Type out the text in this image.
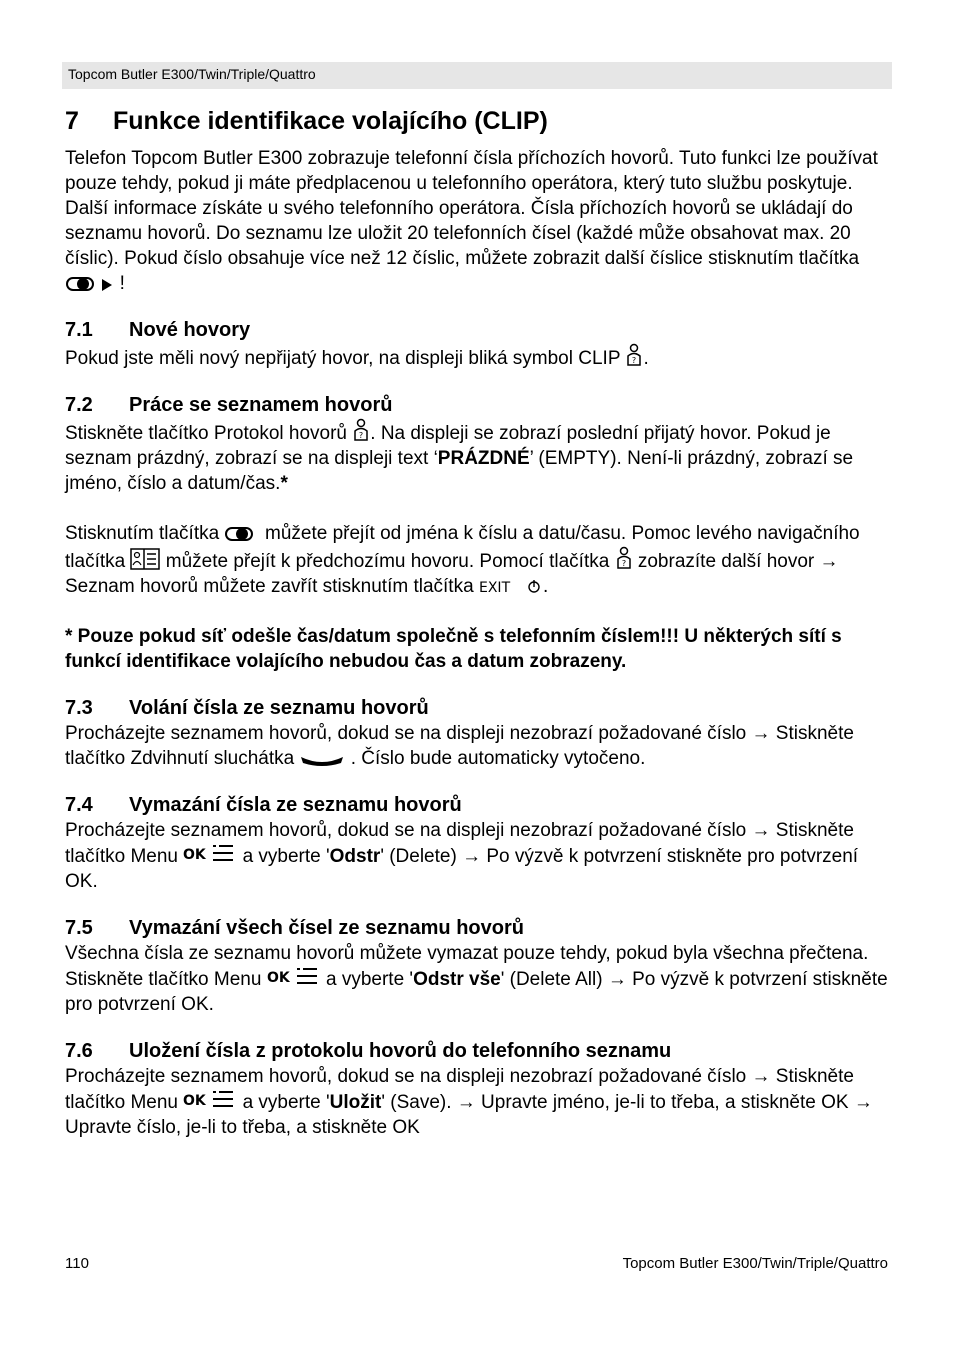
Topcom Butler E300/Twin/Triple/Quattro
7 Funkce identifikace volajícího (CLIP)

Telefon Topcom Butler E300 zobrazuje telefonní čísla příchozích hovorů. Tuto funkci lze používat pouze tehdy, pokud ji máte předplacenou u telefonního operátora, který tuto službu poskytuje. Další informace získáte u svého telefonního operátora. Čísla příchozích hovorů se ukládají do seznamu hovorů. Do seznamu lze uložit 20 telefonních čísel (každé může obsahovat max. 20 číslic). Pokud číslo obsahuje více než 12 číslic, můžete zobrazit další číslice stisknutím tlačítka   !

7.1 Nové hovory

Pokud jste měli nový nepřijatý hovor, na displeji bliká symbol CLIP ? .

7.2 Práce se seznamem hovorů

Stiskněte tlačítko Protokol hovorů ? . Na displeji se zobrazí poslední přijatý hovor. Pokud je seznam prázdný, zobrazí se na displeji text ‘PRÁZDNÉ’ (EMPTY). Není-li prázdný, zobrazí se jméno, číslo a datum/čas.*

Stisknutím tlačítka můžete přejít od jména k číslu a datu/času. Pomoc levého navigačního tlačítka můžete přejít k předchozímu hovoru. Pomocí tlačítka ? zobrazíte další hovor → Seznam hovorů můžete zavřít stisknutím tlačítka EXIT .

* Pouze pokud síť odešle čas/datum společně s telefonním číslem!!! U některých sítí s funkcí identifikace volajícího nebudou čas a datum zobrazeny.

7.3 Volání čísla ze seznamu hovorů

Procházejte seznamem hovorů, dokud se na displeji nezobrazí požadované číslo → Stiskněte tlačítko Zdvihnutí sluchátka	. Číslo bude automaticky vytočeno.

7.4 Vymazání čísla ze seznamu hovorů

Procházejte seznamem hovorů, dokud se na displeji nezobrazí požadované číslo → Stiskněte tlačítko Menu OK a vyberte 'Odstr' (Delete) → Po výzvě k potvrzení stiskněte pro potvrzení OK.

7.5 Vymazání všech čísel ze seznamu hovorů

Všechna čísla ze seznamu hovorů můžete vymazat pouze tehdy, pokud byla všechna přečtena.

Stiskněte tlačítko Menu OK a vyberte 'Odstr vše' (Delete All) → Po výzvě k potvrzení stiskněte pro potvrzení OK.

7.6 Uložení čísla z protokolu hovorů do telefonního seznamu

Procházejte seznamem hovorů, dokud se na displeji nezobrazí požadované číslo → Stiskněte tlačítko Menu OK a vyberte 'Uložit' (Save). → Upravte jméno, je-li to třeba, a stiskněte OK → Upravte číslo, je-li to třeba, a stiskněte OK

110	Topcom Butler E300/Twin/Triple/Quattro
